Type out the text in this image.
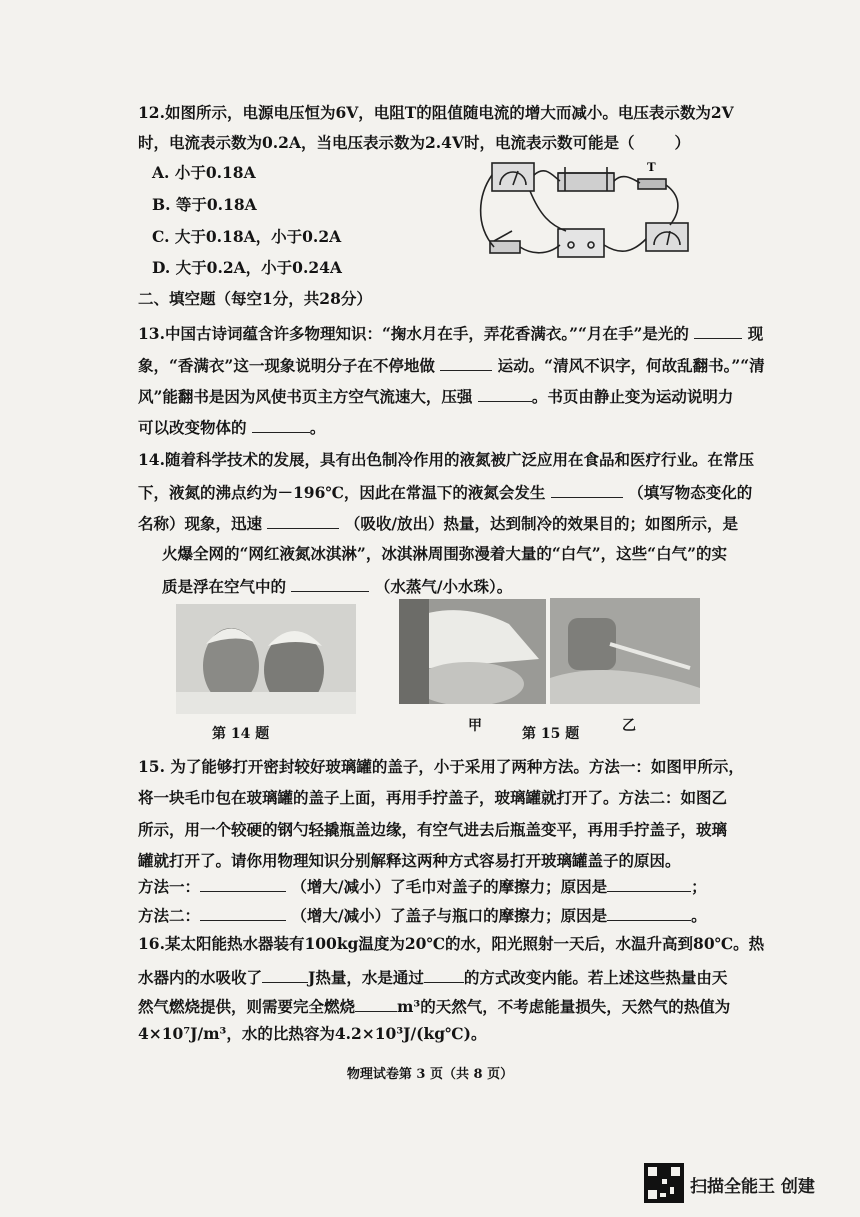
12.如图所示，电源电压恒为6V，电阻T的阻值随电流的增大而减小。电压表示数为2V
时，电流表示数为0.2A，当电压表示数为2.4V时，电流表示数可能是（	）
A. 小于0.18A
B. 等于0.18A
C. 大于0.18A，小于0.2A
D. 大于0.2A，小于0.24A
T
二、填空题（每空1分，共28分）
13.中国古诗词蕴含许多物理知识：“掬水月在手，弄花香满衣。”“月在手”是光的	现
象，“香满衣”这一现象说明分子在不停地做	运动。“清风不识字，何故乱翻书。”“清
风”能翻书是因为风使书页主方空气流速大，压强	。书页由静止变为运动说明力
可以改变物体的	。
14.随着科学技术的发展，具有出色制冷作用的液氮被广泛应用在食品和医疗行业。在常压
下，液氮的沸点约为－196℃，因此在常温下的液氮会发生	（填写物态变化的
名称）现象，迅速	（吸收/放出）热量，达到制冷的效果目的；如图所示，是
火爆全网的“网红液氮冰淇淋”，冰淇淋周围弥漫着大量的“白气”，这些“白气”的实
质是浮在空气中的	（水蒸气/小水珠）。
第 14 题	甲	第 15 题	乙
15. 为了能够打开密封较好玻璃罐的盖子，小于采用了两种方法。方法一：如图甲所示，
将一块毛巾包在玻璃罐的盖子上面，再用手拧盖子，玻璃罐就打开了。方法二：如图乙
所示，用一个较硬的钢勺轻撬瓶盖边缘，有空气进去后瓶盖变平，再用手拧盖子，玻璃
罐就打开了。请你用物理知识分别解释这两种方式容易打开玻璃罐盖子的原因。
方法一：	（增大/减小）了毛巾对盖子的摩擦力；原因是	；
方法二：	（增大/减小）了盖子与瓶口的摩擦力；原因是	。
16.某太阳能热水器装有100kg温度为20℃的水，阳光照射一天后，水温升高到80℃。热
水器内的水吸收了	J热量，水是通过	的方式改变内能。若上述这些热量由天
然气燃烧提供，则需要完全燃烧	m³的天然气，不考虑能量损失，天然气的热值为
4×10⁷J/m³，水的比热容为4.2×10³J/(kg℃)。
物理试卷第 3 页（共 8 页）
扫描全能王 创建
